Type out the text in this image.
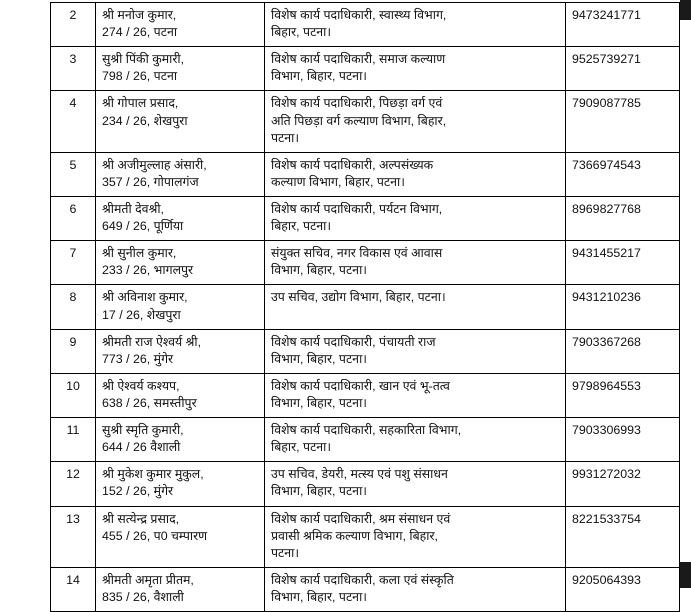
2	श्री मनोज कुमार,
274 / 26, पटना	विशेष कार्य पदाधिकारी, स्वास्थ्य विभाग,
बिहार, पटना।	9473241771
3	सुश्री पिंकी कुमारी,
798 / 26, पटना	विशेष कार्य पदाधिकारी, समाज कल्याण
विभाग, बिहार, पटना।	9525739271
4	श्री गोपाल प्रसाद,
234 / 26, शेखपुरा	विशेष कार्य पदाधिकारी, पिछड़ा वर्ग एवं
अति पिछड़ा वर्ग कल्याण विभाग, बिहार,
पटना।	7909087785
5	श्री अजीमुल्लाह अंसारी,
357 / 26, गोपालगंज	विशेष कार्य पदाधिकारी, अल्पसंख्यक
कल्याण विभाग, बिहार, पटना।	7366974543
6	श्रीमती देवश्री,
649 / 26, पूर्णिया	विशेष कार्य पदाधिकारी, पर्यटन विभाग,
बिहार, पटना।	8969827768
7	श्री सुनील कुमार,
233 / 26, भागलपुर	संयुक्त सचिव, नगर विकास एवं आवास
विभाग, बिहार, पटना।	9431455217
8	श्री अविनाश कुमार,
17 / 26, शेखपुरा	उप सचिव, उद्योग विभाग, बिहार, पटना।	9431210236
9	श्रीमती राज ऐश्वर्य श्री,
773 / 26, मुंगेर	विशेष कार्य पदाधिकारी, पंचायती राज
विभाग, बिहार, पटना।	7903367268
10	श्री ऐश्वर्य कश्यप,
638 / 26, समस्तीपुर	विशेष कार्य पदाधिकारी, खान एवं भू-तत्व
विभाग, बिहार, पटना।	9798964553
11	सुश्री स्मृति कुमारी,
644 / 26 वैशाली	विशेष कार्य पदाधिकारी, सहकारिता विभाग,
बिहार, पटना।	7903306993
12	श्री मुकेश कुमार मुकुल,
152 / 26, मुंगेर	उप सचिव, डेयरी, मत्स्य एवं पशु संसाधन
विभाग, बिहार, पटना।	9931272032
13	श्री सत्येन्द्र प्रसाद,
455 / 26, प0 चम्पारण	विशेष कार्य पदाधिकारी, श्रम संसाधन एवं
प्रवासी श्रमिक कल्याण विभाग, बिहार,
पटना।	8221533754
14	श्रीमती अमृता प्रीतम,
835 / 26, वैशाली	विशेष कार्य पदाधिकारी, कला एवं संस्कृति
विभाग, बिहार, पटना।	9205064393
